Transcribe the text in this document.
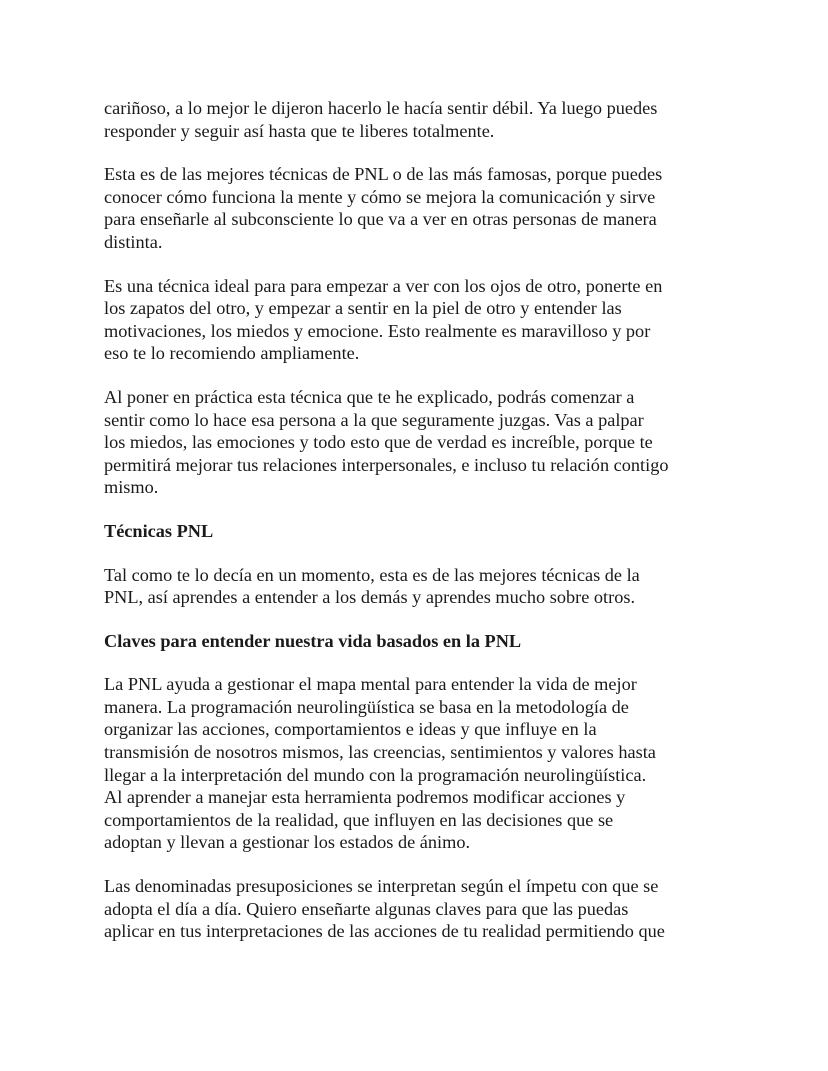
cariñoso, a lo mejor le dijeron hacerlo le hacía sentir débil. Ya luego puedes
responder y seguir así hasta que te liberes totalmente.

Esta es de las mejores técnicas de PNL o de las más famosas, porque puedes
conocer cómo funciona la mente y cómo se mejora la comunicación y sirve
para enseñarle al subconsciente lo que va a ver en otras personas de manera
distinta.

Es una técnica ideal para para empezar a ver con los ojos de otro, ponerte en
los zapatos del otro, y empezar a sentir en la piel de otro y entender las
motivaciones, los miedos y emocione. Esto realmente es maravilloso y por
eso te lo recomiendo ampliamente.

Al poner en práctica esta técnica que te he explicado, podrás comenzar a
sentir como lo hace esa persona a la que seguramente juzgas. Vas a palpar
los miedos, las emociones y todo esto que de verdad es increíble, porque te
permitirá mejorar tus relaciones interpersonales, e incluso tu relación contigo
mismo.

Técnicas PNL

Tal como te lo decía en un momento, esta es de las mejores técnicas de la
PNL, así aprendes a entender a los demás y aprendes mucho sobre otros.

Claves para entender nuestra vida basados en la PNL

La PNL ayuda a gestionar el mapa mental para entender la vida de mejor
manera. La programación neurolingüística se basa en la metodología de
organizar las acciones, comportamientos e ideas y que influye en la
transmisión de nosotros mismos, las creencias, sentimientos y valores hasta
llegar a la interpretación del mundo con la programación neurolingüística.
Al aprender a manejar esta herramienta podremos modificar acciones y
comportamientos de la realidad, que influyen en las decisiones que se
adoptan y llevan a gestionar los estados de ánimo.

Las denominadas presuposiciones se interpretan según el ímpetu con que se
adopta el día a día. Quiero enseñarte algunas claves para que las puedas
aplicar en tus interpretaciones de las acciones de tu realidad permitiendo que
